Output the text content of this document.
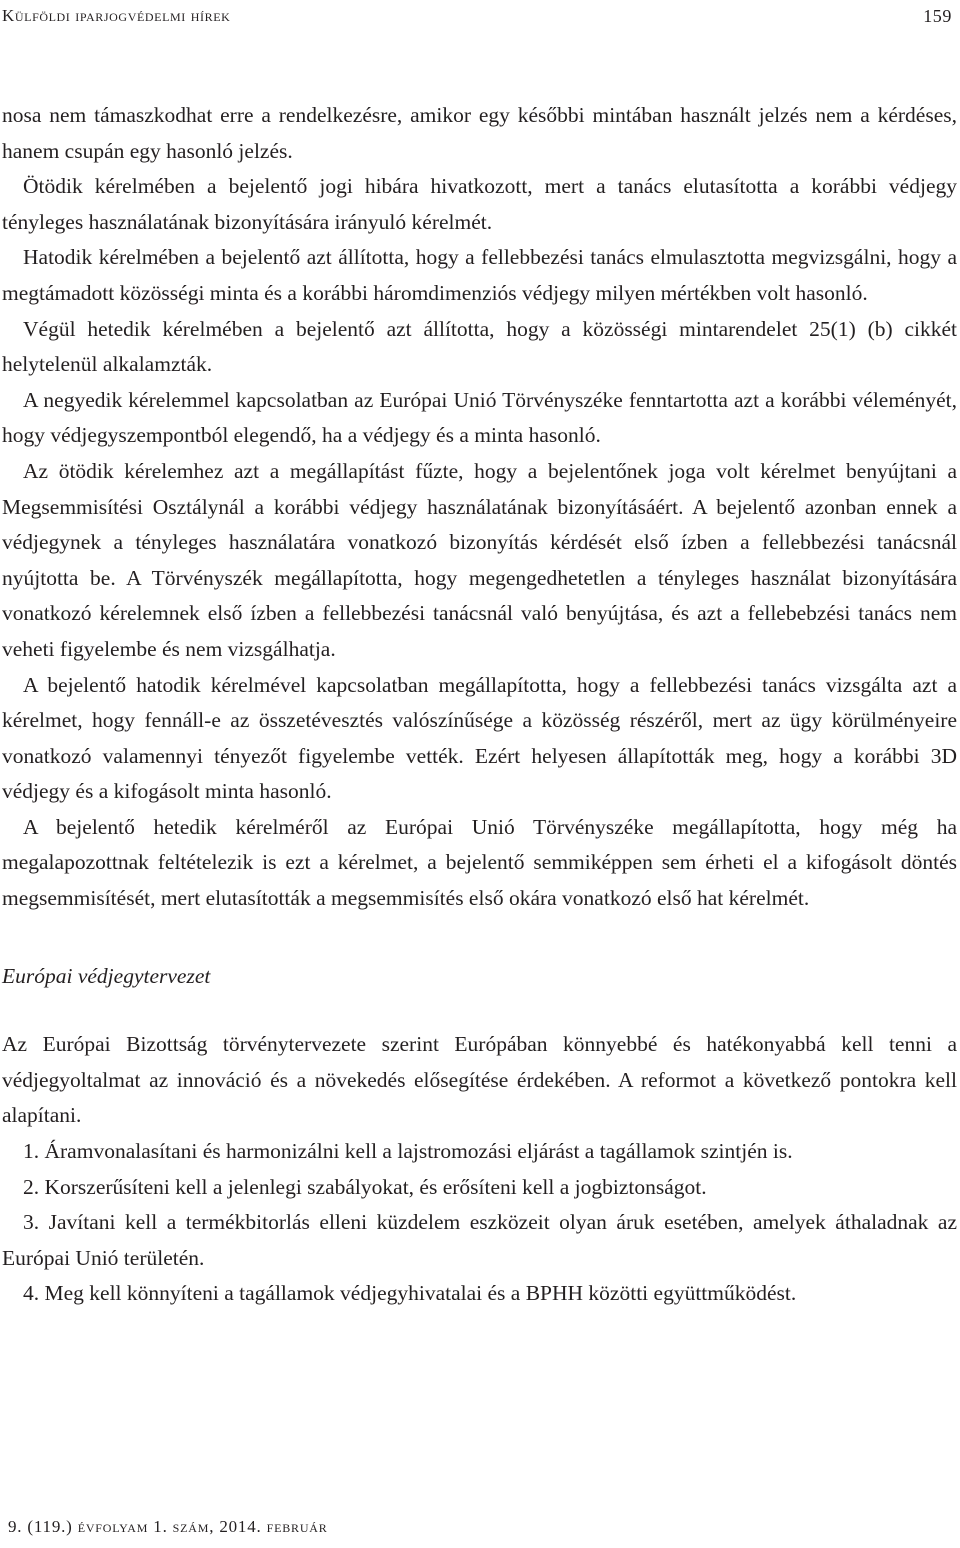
Külföldi iparjogvédelmi hírek	159

nosa nem támaszkodhat erre a rendelkezésre, amikor egy későbbi mintában használt jelzés nem a kérdéses, hanem csupán egy hasonló jelzés.

Ötödik kérelmében a bejelentő jogi hibára hivatkozott, mert a tanács elutasította a korábbi védjegy tényleges használatának bizonyítására irányuló kérelmét.

Hatodik kérelmében a bejelentő azt állította, hogy a fellebbezési tanács elmulasztotta megvizsgálni, hogy a megtámadott közösségi minta és a korábbi háromdimenziós védjegy milyen mértékben volt hasonló.

Végül hetedik kérelmében a bejelentő azt állította, hogy a közösségi mintarendelet 25(1) (b) cikkét helytelenül alkalamzták.

A negyedik kérelemmel kapcsolatban az Európai Unió Törvényszéke fenntartotta azt a korábbi véleményét, hogy védjegyszempontból elegendő, ha a védjegy és a minta hasonló.

Az ötödik kérelemhez azt a megállapítást fűzte, hogy a bejelentőnek joga volt kérelmet benyújtani a Megsemmisítési Osztálynál a korábbi védjegy használatának bizonyításáért. A bejelentő azonban ennek a védjegynek a tényleges használatára vonatkozó bizonyítás kérdését első ízben a fellebbezési tanácsnál nyújtotta be. A Törvényszék megállapította, hogy megengedhetetlen a tényleges használat bizonyítására vonatkozó kérelemnek első ízben a fellebbezési tanácsnál való benyújtása, és azt a fellebebzési tanács nem veheti figyelembe és nem vizsgálhatja.

A bejelentő hatodik kérelmével kapcsolatban megállapította, hogy a fellebbezési tanács vizsgálta azt a kérelmet, hogy fennáll-e az összetévesztés valószínűsége a közösség részéről, mert az ügy körülményeire vonatkozó valamennyi tényezőt figyelembe vették. Ezért helyesen állapították meg, hogy a korábbi 3D védjegy és a kifogásolt minta hasonló.

A bejelentő hetedik kérelméről az Európai Unió Törvényszéke megállapította, hogy még ha megalapozottnak feltételezik is ezt a kérelmet, a bejelentő semmiképpen sem érheti el a kifogásolt döntés megsemmisítését, mert elutasították a megsemmisítés első okára vonatkozó első hat kérelmét.

Európai védjegytervezet

Az Európai Bizottság törvénytervezete szerint Európában könnyebbé és hatékonyabbá kell tenni a védjegyoltalmat az innováció és a növekedés elősegítése érdekében. A reformot a következő pontokra kell alapítani.

1. Áramvonalasítani és harmonizálni kell a lajstromozási eljárást a tagállamok szintjén is.

2. Korszerűsíteni kell a jelenlegi szabályokat, és erősíteni kell a jogbiztonságot.

3. Javítani kell a termékbitorlás elleni küzdelem eszközeit olyan áruk esetében, amelyek áthaladnak az Európai Unió területén.

4. Meg kell könnyíteni a tagállamok védjegyhivatalai és a BPHH közötti együttműködést.

9. (119.) évfolyam 1. szám, 2014. február
